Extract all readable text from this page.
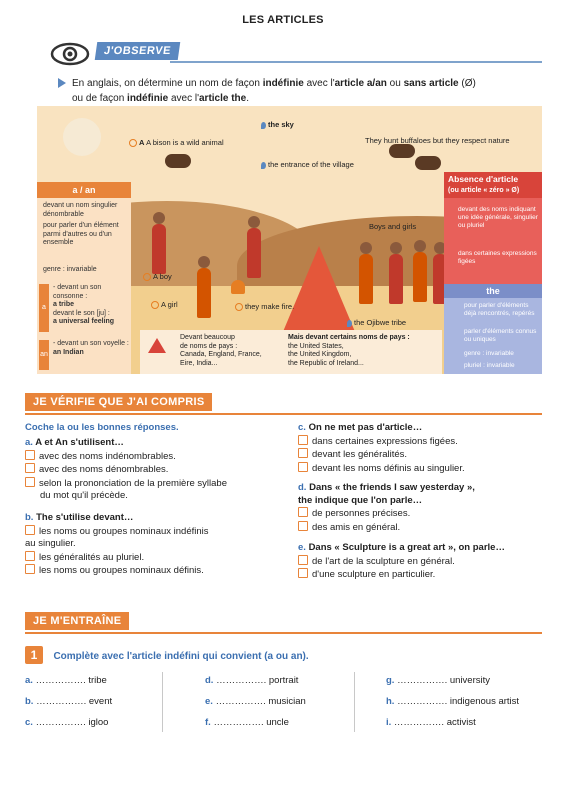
LES ARTICLES
J'OBSERVE
En anglais, on détermine un nom de façon indéfinie avec l'article a/an ou sans article (Ø)
ou de façon indéfinie avec l'article the.
A A bison is a wild animal
the sky
They hunt buffaloes but they respect nature
the entrance of the village
Boys and girls
A boy
A girl	they make fire.
the Ojibwe tribe
a / an
devant un nom singulier dénombrable
pour parler d'un élément parmi d'autres ou d'un ensemble
genre : invariable
a
- devant un son consonne :
a tribe
devant le son [ju] :
a universal feeling
an
- devant un son voyelle :
an Indian
Absence d'article
(ou article « zéro » Ø)
devant des noms indiquant une idée générale, singulier ou pluriel
dans certaines expressions figées
the
pour parler d'éléments déjà rencontrés, repérés
parler d'éléments connus ou uniques
genre : invariable
pluriel : invariable
Devant beaucoup
de noms de pays :
Canada, England, France,
Eire, India...
Mais devant certains noms de pays :
the United States,
the United Kingdom,
the Republic of Ireland...
JE VÉRIFIE QUE J'AI COMPRIS
Coche la ou les bonnes réponses.
a. A et An s'utilisent…
avec des noms indénombrables.
avec des noms dénombrables.
selon la prononciation de la première syllabe
du mot qu'il précède.
b. The s'utilise devant…
les noms ou groupes nominaux indéfinis
au singulier.
les généralités au pluriel.
les noms ou groupes nominaux définis.
c. On ne met pas d'article…
dans certaines expressions figées.
devant les généralités.
devant les noms définis au singulier.
d. Dans « the friends I saw yesterday »,
the indique que l'on parle…
de personnes précises.
des amis en général.
e. Dans « Sculpture is a great art », on parle…
de l'art de la sculpture en général.
d'une sculpture en particulier.
JE M'ENTRAÎNE
1 Complète avec l'article indéfini qui convient (a ou an).
a. ……………. tribe
b. ……………. event
c. ……………. igloo
d. ……………. portrait
e. ……………. musician
f. ……………. uncle
g. ……………. university
h. ……………. indigenous artist
i. ……………. activist
